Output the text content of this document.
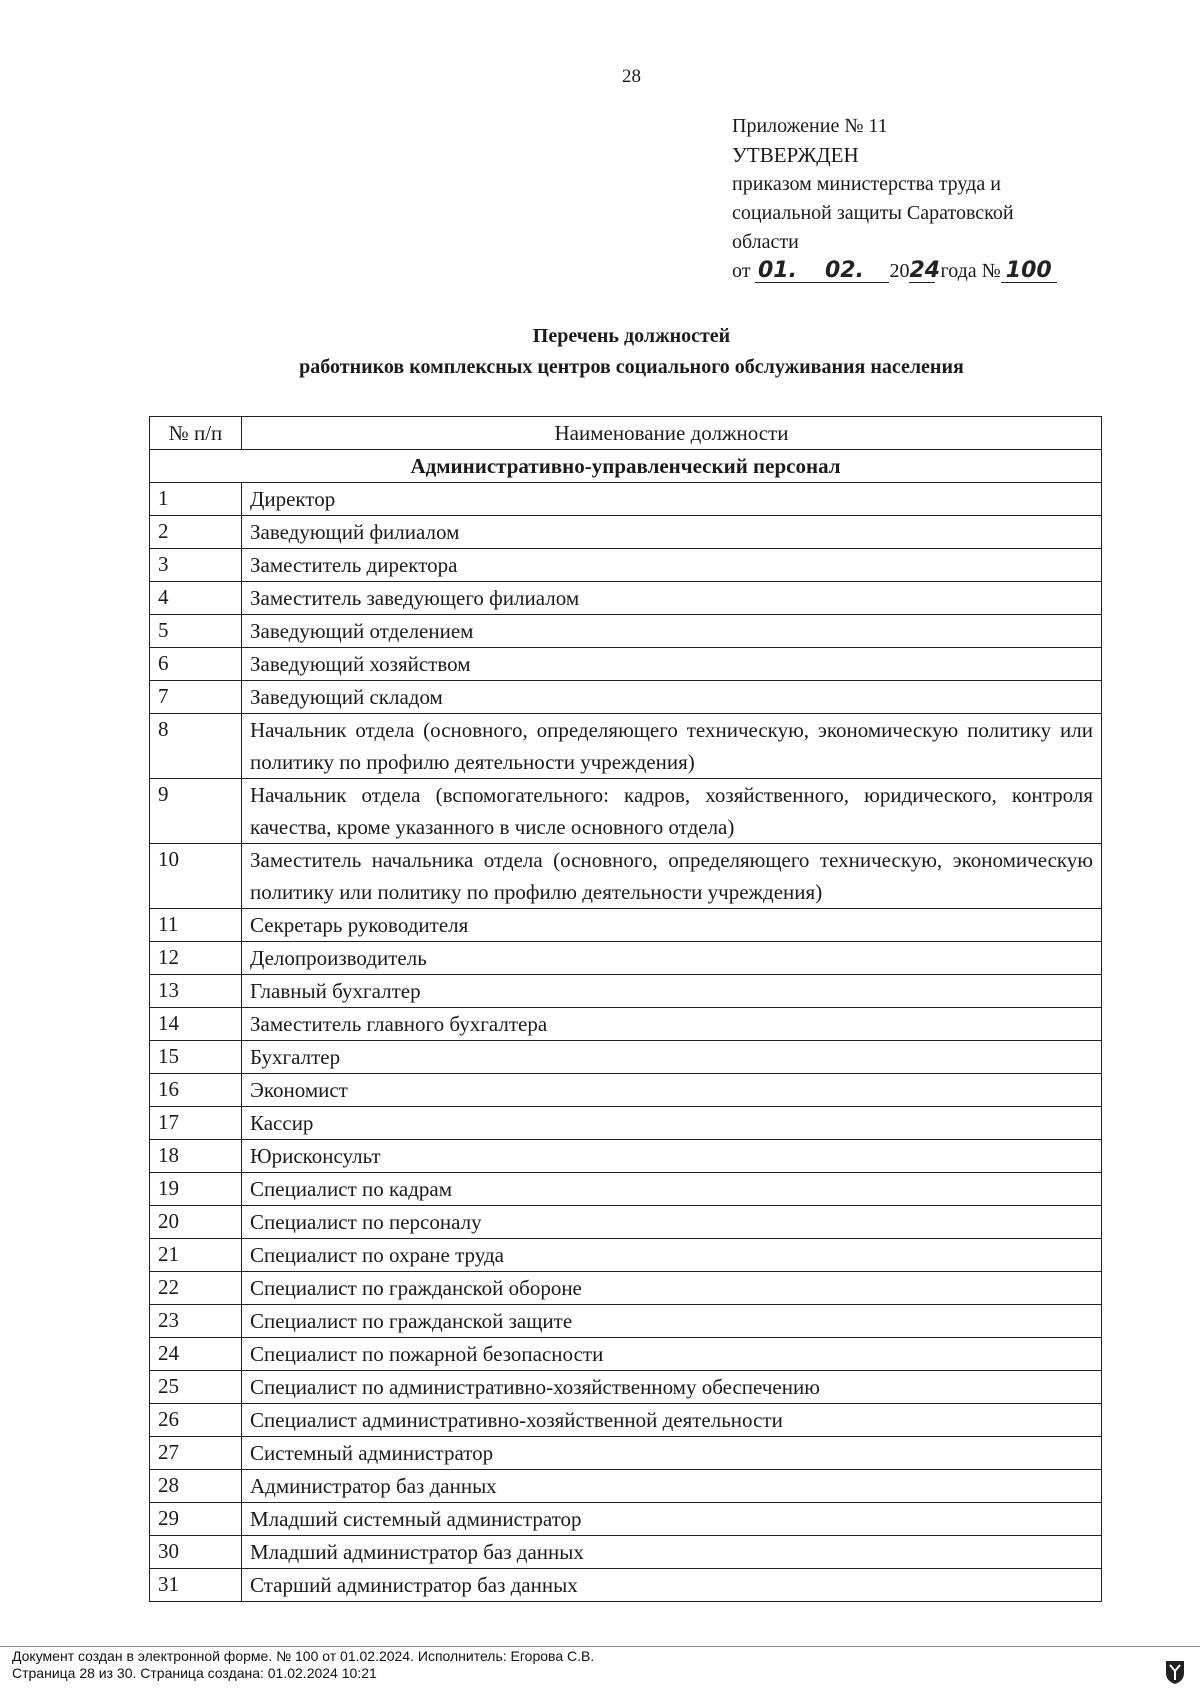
28
Приложение № 11
УТВЕРЖДЕН
приказом министерства труда и
социальной защиты Саратовской
области
от 01. 02. 2024 года № 100
Перечень должностей
работников комплексных центров социального обслуживания населения
№ п/п	Наименование должности
Административно-управленческий персонал	
1	Директор
2	Заведующий филиалом
3	Заместитель директора
4	Заместитель заведующего филиалом
5	Заведующий отделением
6	Заведующий хозяйством
7	Заведующий складом
8	Начальник отдела (основного, определяющего техническую, экономическую политику или политику по профилю деятельности учреждения)
9	Начальник отдела (вспомогательного: кадров, хозяйственного, юридического, контроля качества, кроме указанного в числе основного отдела)
10	Заместитель начальника отдела (основного, определяющего техническую, экономическую политику или политику по профилю деятельности учреждения)
11	Секретарь руководителя
12	Делопроизводитель
13	Главный бухгалтер
14	Заместитель главного бухгалтера
15	Бухгалтер
16	Экономист
17	Кассир
18	Юрисконсульт
19	Специалист по кадрам
20	Специалист по персоналу
21	Специалист по охране труда
22	Специалист по гражданской обороне
23	Специалист по гражданской защите
24	Специалист по пожарной безопасности
25	Специалист по административно-хозяйственному обеспечению
26	Специалист административно-хозяйственной деятельности
27	Системный администратор
28	Администратор баз данных
29	Младший системный администратор
30	Младший администратор баз данных
31	Старший администратор баз данных
Документ создан в электронной форме. № 100 от 01.02.2024. Исполнитель: Егорова С.В.
Страница 28 из 30. Страница создана: 01.02.2024 10:21
